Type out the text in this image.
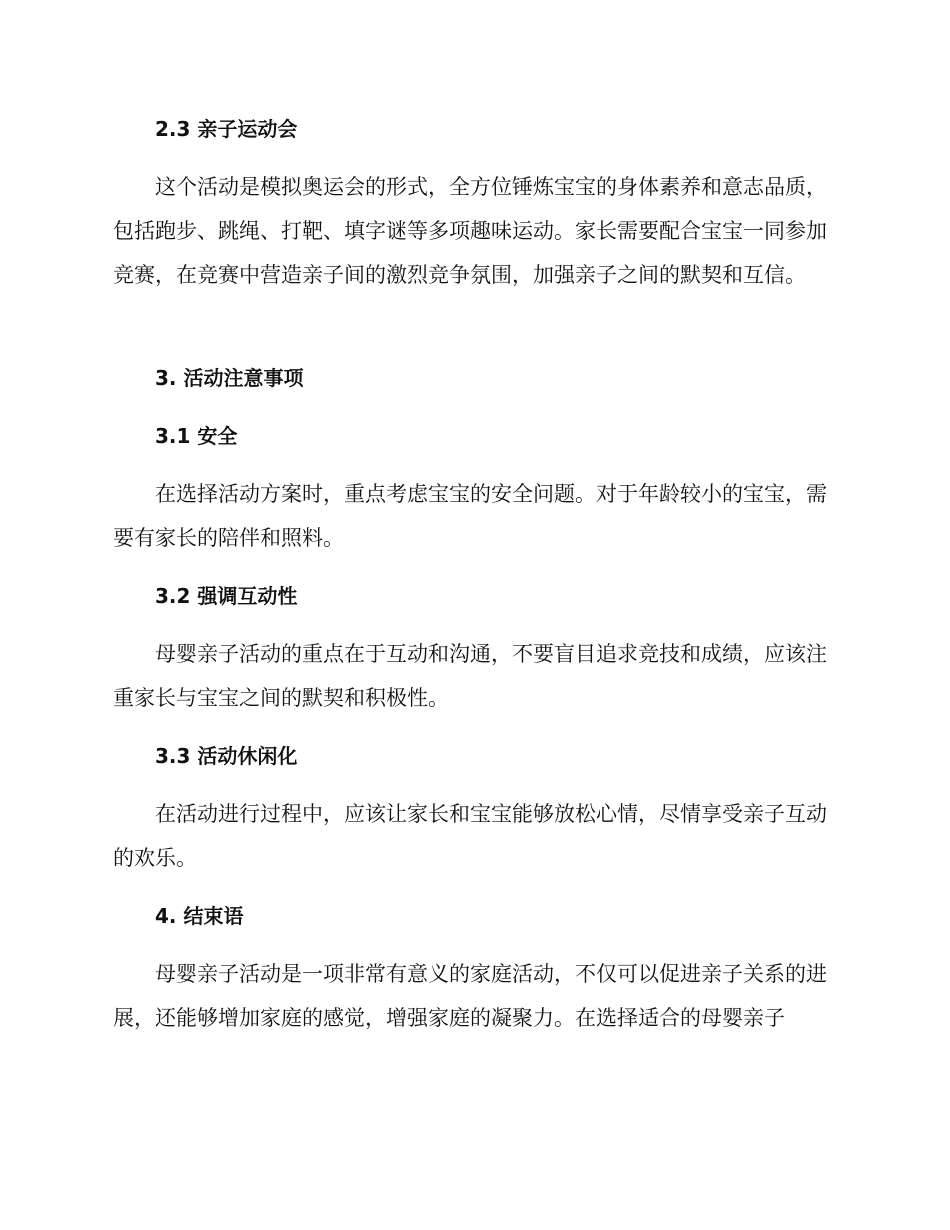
2.3 亲子运动会
这个活动是模拟奥运会的形式，全方位锤炼宝宝的身体素养和意志品质，包括跑步、跳绳、打靶、填字谜等多项趣味运动。家长需要配合宝宝一同参加竞赛，在竞赛中营造亲子间的激烈竞争氛围，加强亲子之间的默契和互信。
3. 活动注意事项
3.1 安全
在选择活动方案时，重点考虑宝宝的安全问题。对于年龄较小的宝宝，需要有家长的陪伴和照料。
3.2 强调互动性
母婴亲子活动的重点在于互动和沟通，不要盲目追求竞技和成绩，应该注重家长与宝宝之间的默契和积极性。
3.3 活动休闲化
在活动进行过程中，应该让家长和宝宝能够放松心情，尽情享受亲子互动的欢乐。
4. 结束语
母婴亲子活动是一项非常有意义的家庭活动，不仅可以促进亲子关系的进展，还能够增加家庭的感觉，增强家庭的凝聚力。在选择适合的母婴亲子
